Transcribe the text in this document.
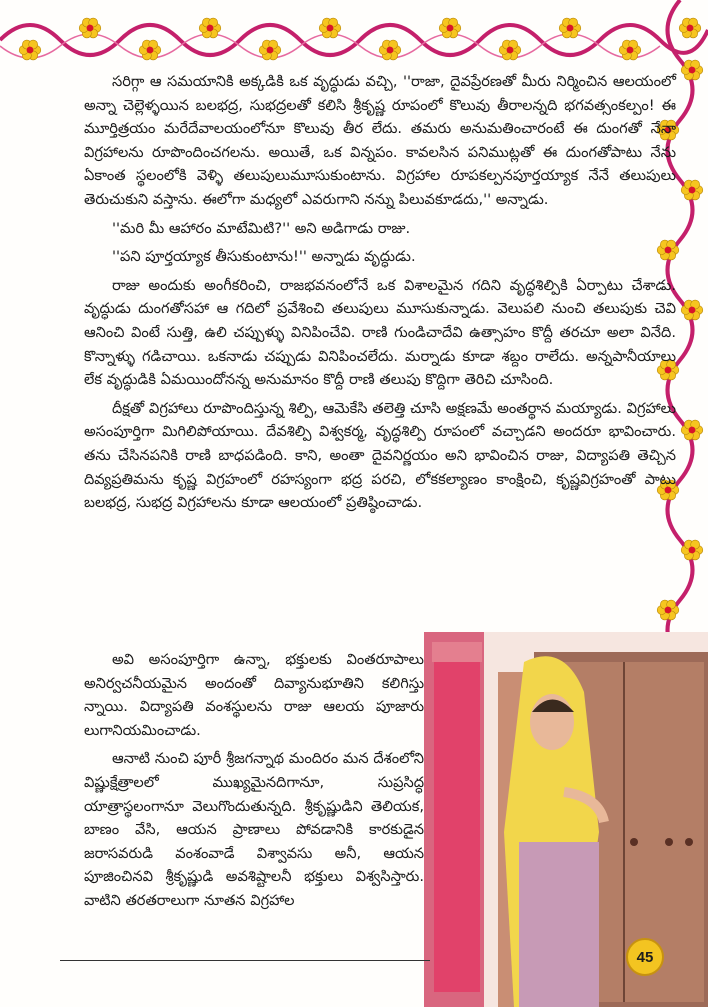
సరిగ్గా ఆ సమయానికి అక్కడికి ఒక వృద్ధుడు వచ్చి, ''రాజా, దైవప్రేరణతో మీరు నిర్మించిన ఆలయంలో అన్నా చెల్లెళ్ళయిన బలభద్ర, సుభద్రలతో కలిసి శ్రీకృష్ణ రూపంలో కొలువు తీరాలన్నది భగవత్సంకల్పం! ఈ మూర్తిత్రయం మరేదేవాలయంలోనూ కొలువు తీర లేదు. తమరు అనుమతించారంటే ఈ దుంగతో నేనా విగ్రహాలను రూపొందించగలను. అయితే, ఒక విన్నపం. కావలసిన పనిముట్లతో ఈ దుంగతోపాటు నేను ఏకాంత స్థలంలోకి వెళ్ళి తలుపులుమూసుకుంటాను. విగ్రహాల రూపకల్పనపూర్తయ్యాక నేనే తలుపులు తెరుచుకుని వస్తాను. ఈలోగా మధ్యలో ఎవరుగాని నన్ను పిలువకూడదు,'' అన్నాడు.

''మరి మీ ఆహారం మాటేమిటి?'' అని అడిగాడు రాజు.

''పని పూర్తయ్యాక తీసుకుంటాను!'' అన్నాడు వృద్ధుడు.

రాజు అందుకు అంగీకరించి, రాజభవనంలోనే ఒక విశాలమైన గదిని వృద్ధశిల్పికి ఏర్పాటు చేశాడు. వృద్ధుడు దుంగతోసహా ఆ గదిలో ప్రవేశించి తలుపులు మూసుకున్నాడు. వెలుపలి నుంచి తలుపుకు చెవి ఆనించి వింటే సుత్తి, ఉలి చప్పుళ్ళు వినిపించేవి. రాణి గుండిచాదేవి ఉత్సాహం కొద్దీ తరచూ అలా వినేది. కొన్నాళ్ళు గడిచాయి. ఒకనాడు చప్పుడు వినిపించలేదు. మర్నాడు కూడా శబ్దం రాలేదు. అన్నపానీయాలు లేక వృద్ధుడికి ఏమయిందోనన్న అనుమానం కొద్దీ రాణి తలుపు కొద్దిగా తెరిచి చూసింది.

దీక్షతో విగ్రహాలు రూపొందిస్తున్న శిల్పి, ఆమెకేసి తలెత్తి చూసి అక్షణమే అంతర్థాన మయ్యాడు. విగ్రహాలు అసంపూర్తిగా మిగిలిపోయాయి. దేవశిల్పి విశ్వకర్మ, వృద్ధశిల్పి రూపంలో వచ్చాడని అందరూ భావించారు. తను చేసినపనికి రాణి బాధపడింది. కాని, అంతా దైవనిర్ణయం అని భావించిన రాజు, విద్యాపతి తెచ్చిన దివ్యప్రతిమను కృష్ణ విగ్రహంలో రహస్యంగా భద్ర పరచి, లోకకల్యాణం కాంక్షించి, కృష్ణవిగ్రహంతో పాటు బలభద్ర, సుభద్ర విగ్రహాలను కూడా ఆలయంలో ప్రతిష్ఠించాడు.

అవి అసంపూర్తిగా ఉన్నా, భక్తులకు వింతరూపాలు అనిర్వచనీయమైన అందంతో దివ్యానుభూతిని కలిగిస్తు న్నాయి. విద్యాపతి వంశస్థులను రాజు ఆలయ పూజారు లుగానియమించాడు.

ఆనాటి నుంచి పూరీ శ్రీజగన్నాథ మందిరం మన దేశంలోని విష్ణుక్షేత్రాలలో ముఖ్యమైనదిగానూ, సుప్రసిద్ధ యాత్రాస్థలంగానూ వెలుగొందుతున్నది. శ్రీకృష్ణుడిని తెలియక, బాణం వేసి, ఆయన ప్రాణాలు పోవడానికి కారకుడైన జరాసవరుడి వంశంవాడే విశ్వావసు అనీ, ఆయన పూజించినవి శ్రీకృష్ణుడి అవశిష్టాలనీ భక్తులు విశ్వసిస్తారు. వాటిని తరతరాలుగా నూతన విగ్రహాల

45
